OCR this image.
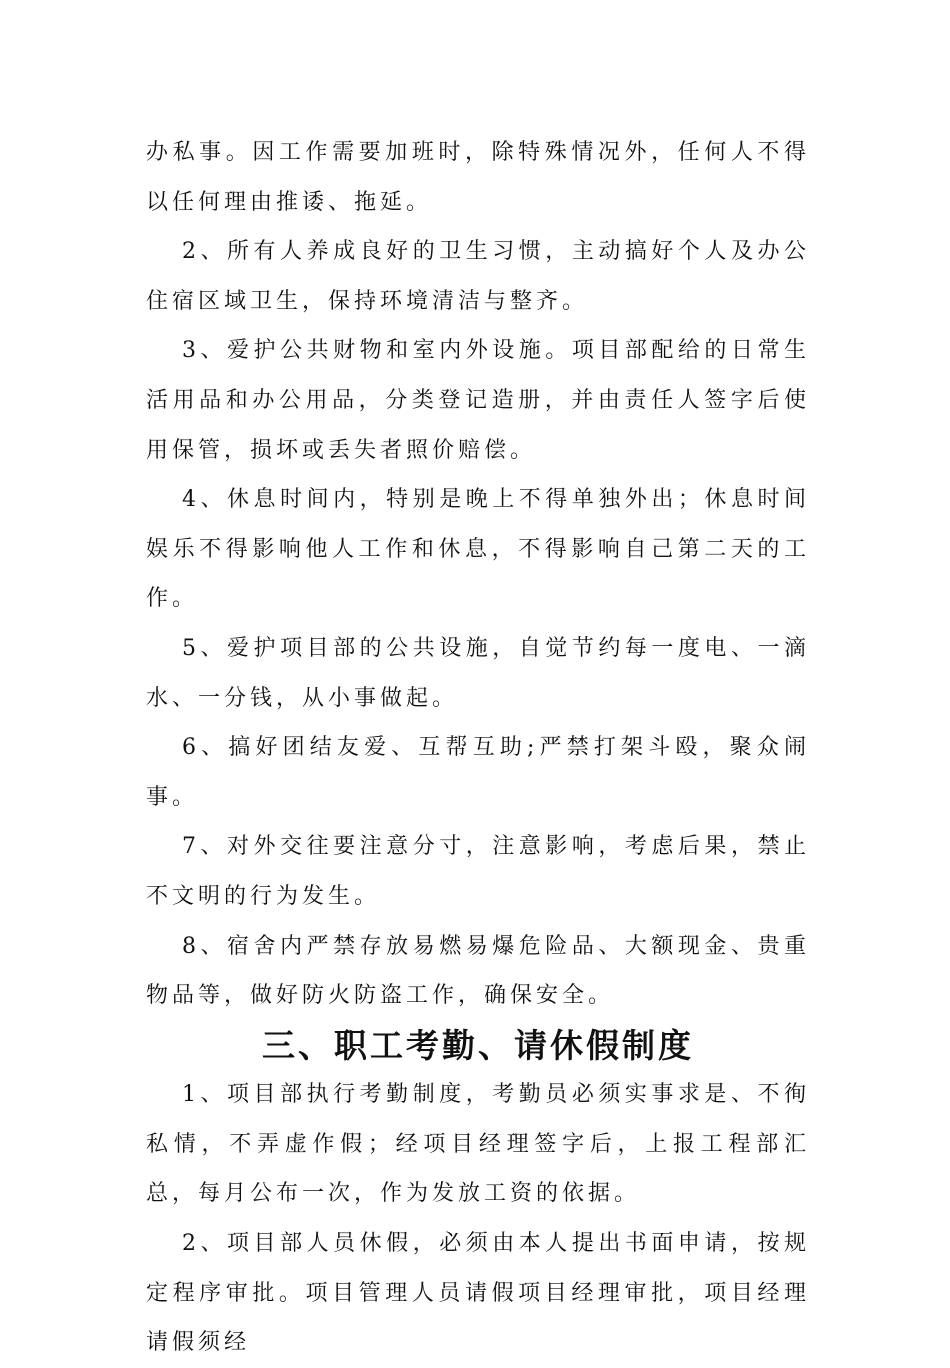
办私事。因工作需要加班时，除特殊情况外，任何人不得以任何理由推诿、拖延。

2、所有人养成良好的卫生习惯，主动搞好个人及办公住宿区域卫生，保持环境清洁与整齐。

3、爱护公共财物和室内外设施。项目部配给的日常生活用品和办公用品，分类登记造册，并由责任人签字后使用保管，损坏或丢失者照价赔偿。

4、休息时间内，特别是晚上不得单独外出；休息时间娱乐不得影响他人工作和休息，不得影响自己第二天的工作。

5、爱护项目部的公共设施，自觉节约每一度电、一滴水、一分钱，从小事做起。

6、搞好团结友爱、互帮互助;严禁打架斗殴，聚众闹事。

7、对外交往要注意分寸，注意影响，考虑后果，禁止不文明的行为发生。

8、宿舍内严禁存放易燃易爆危险品、大额现金、贵重物品等，做好防火防盗工作，确保安全。

三、职工考勤、请休假制度

1、项目部执行考勤制度，考勤员必须实事求是、不徇私情，不弄虚作假；经项目经理签字后，上报工程部汇总，每月公布一次，作为发放工资的依据。

2、项目部人员休假，必须由本人提出书面申请，按规定程序审批。项目管理人员请假项目经理审批，项目经理请假须经
